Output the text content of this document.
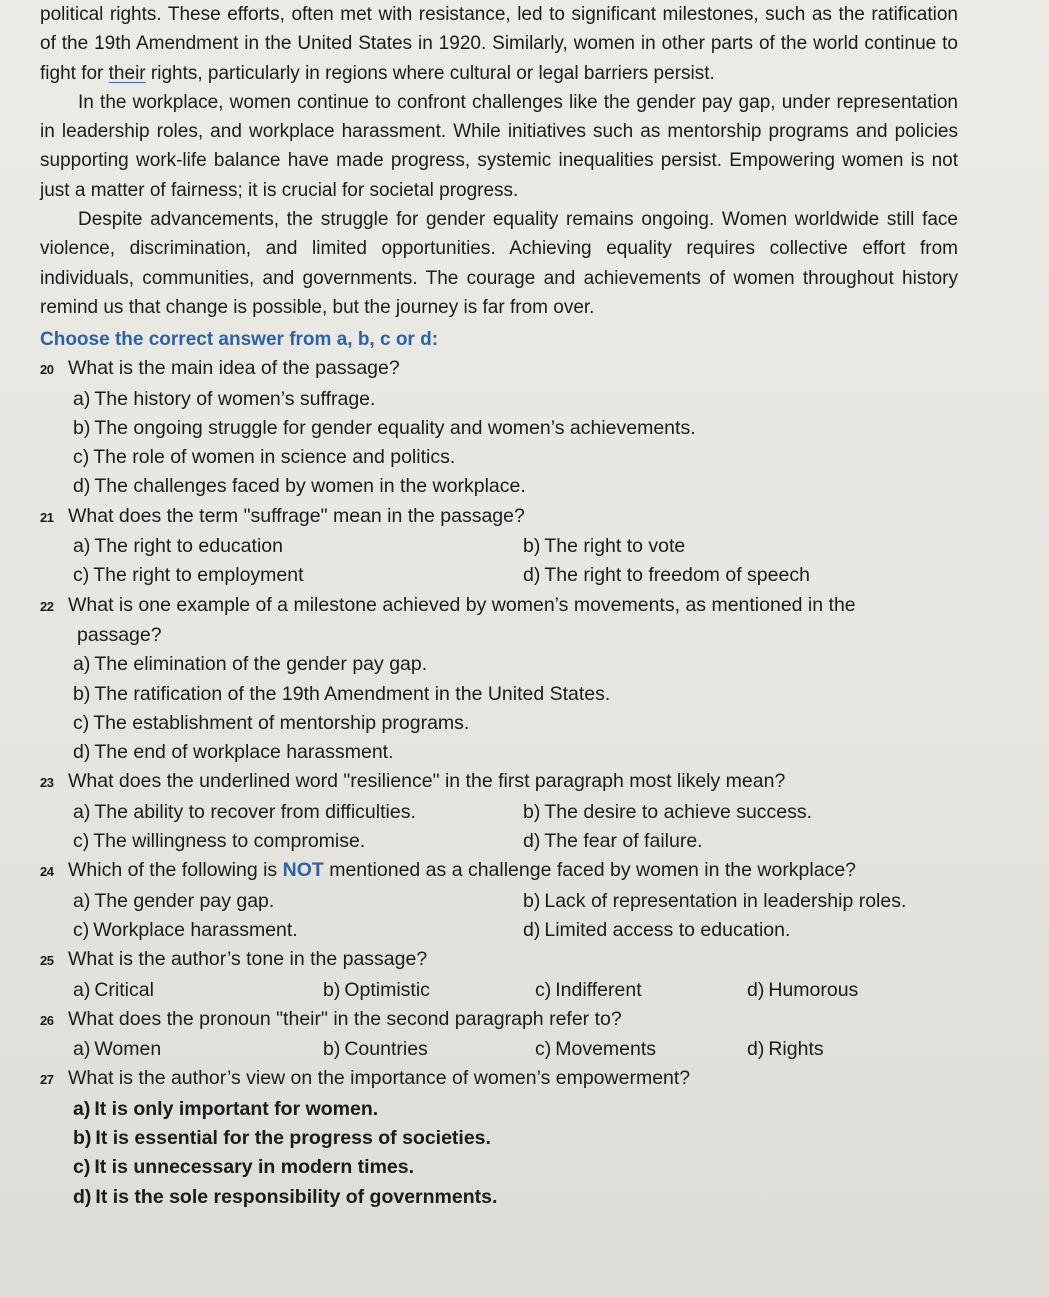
political rights. These efforts, often met with resistance, led to significant milestones, such as the ratification of the 19th Amendment in the United States in 1920. Similarly, women in other parts of the world continue to fight for their rights, particularly in regions where cultural or legal barriers persist.

In the workplace, women continue to confront challenges like the gender pay gap, under representation in leadership roles, and workplace harassment. While initiatives such as mentorship programs and policies supporting work-life balance have made progress, systemic inequalities persist. Empowering women is not just a matter of fairness; it is crucial for societal progress.

Despite advancements, the struggle for gender equality remains ongoing. Women worldwide still face violence, discrimination, and limited opportunities. Achieving equality requires collective effort from individuals, communities, and governments. The courage and achievements of women throughout history remind us that change is possible, but the journey is far from over.

Choose the correct answer from a, b, c or d:
20 What is the main idea of the passage?
a) The history of women’s suffrage.
b) The ongoing struggle for gender equality and women’s achievements.
c) The role of women in science and politics.
d) The challenges faced by women in the workplace.
21 What does the term "suffrage" mean in the passage?
a) The right to education	b) The right to vote
c) The right to employment	d) The right to freedom of speech
22 What is one example of a milestone achieved by women’s movements, as mentioned in the
passage?
a) The elimination of the gender pay gap.
b) The ratification of the 19th Amendment in the United States.
c) The establishment of mentorship programs.
d) The end of workplace harassment.
23 What does the underlined word "resilience" in the first paragraph most likely mean?
a) The ability to recover from difficulties.	b) The desire to achieve success.
c) The willingness to compromise.	d) The fear of failure.
24 Which of the following is NOT mentioned as a challenge faced by women in the workplace?
a) The gender pay gap.	b) Lack of representation in leadership roles.
c) Workplace harassment.	d) Limited access to education.
25 What is the author’s tone in the passage?
a) Critical	b) Optimistic	c) Indifferent	d) Humorous
26 What does the pronoun "their" in the second paragraph refer to?
a) Women	b) Countries	c) Movements	d) Rights
27 What is the author’s view on the importance of women’s empowerment?
a) It is only important for women.
b) It is essential for the progress of societies.
c) It is unnecessary in modern times.
d) It is the sole responsibility of governments.
